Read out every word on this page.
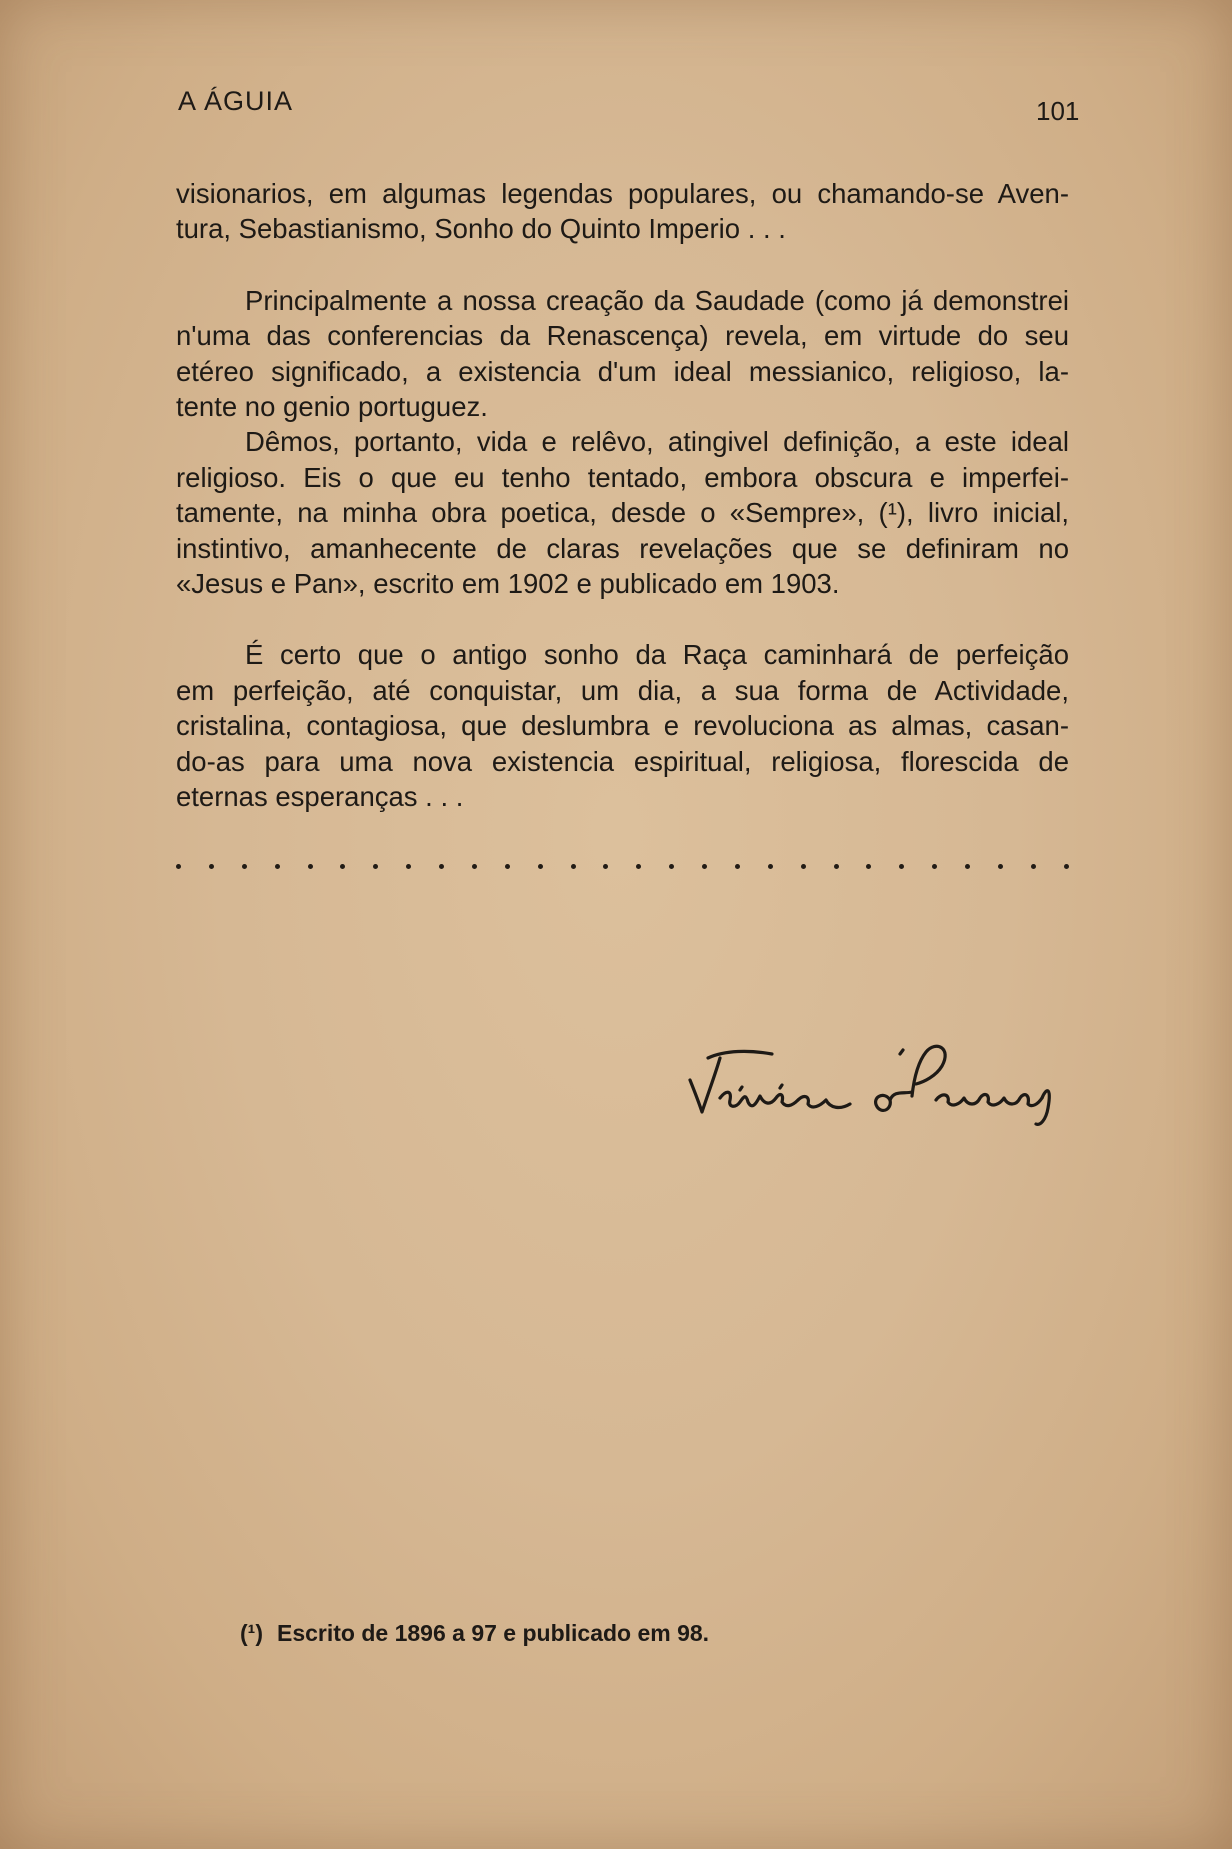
A ÁGUIA	101

visionarios, em algumas legendas populares, ou chamando-se Aven-
tura, Sebastianismo, Sonho do Quinto Imperio . . .

Principalmente a nossa creação da Saudade (como já demonstrei
n'uma das conferencias da Renascença) revela, em virtude do seu
etéreo significado, a existencia d'um ideal messianico, religioso, la-
tente no genio portuguez.

Dêmos, portanto, vida e relêvo, atingivel definição, a este ideal
religioso. Eis o que eu tenho tentado, embora obscura e imperfei-
tamente, na minha obra poetica, desde o «Sempre», (¹), livro inicial,
instintivo, amanhecente de claras revelações que se definiram no
«Jesus e Pan», escrito em 1902 e publicado em 1903.

É certo que o antigo sonho da Raça caminhará de perfeição
em perfeição, até conquistar, um dia, a sua forma de Actividade,
cristalina, contagiosa, que deslumbra e revoluciona as almas, casan-
do-as para uma nova existencia espiritual, religiosa, florescida de
eternas esperanças . . .

(¹) Escrito de 1896 a 97 e publicado em 98.
